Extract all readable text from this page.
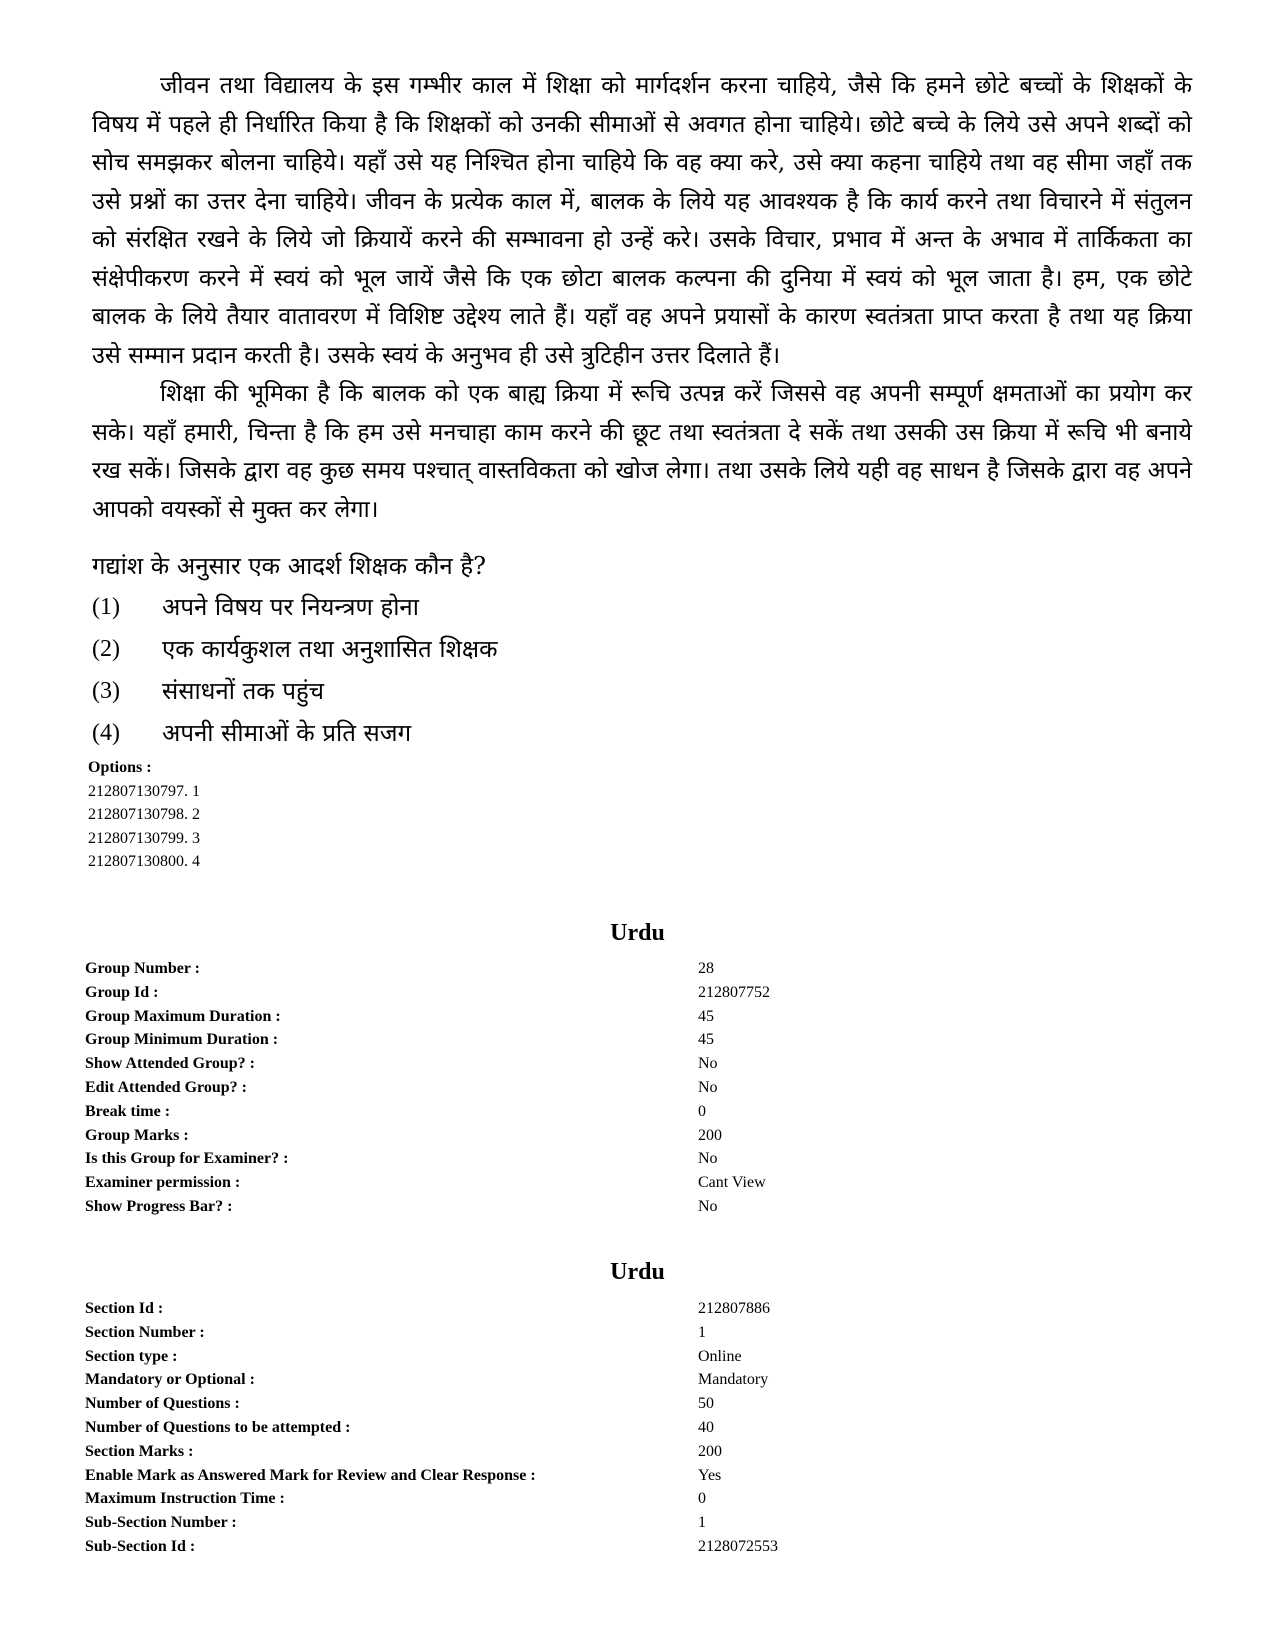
जीवन तथा विद्यालय के इस गम्भीर काल में शिक्षा को मार्गदर्शन करना चाहिये, जैसे कि हमने छोटे बच्चों के शिक्षकों के विषय में पहले ही निर्धारित किया है कि शिक्षकों को उनकी सीमाओं से अवगत होना चाहिये। छोटे बच्चे के लिये उसे अपने शब्दों को सोच समझकर बोलना चाहिये। यहाँ उसे यह निश्चित होना चाहिये कि वह क्या करे, उसे क्या कहना चाहिये तथा वह सीमा जहाँ तक उसे प्रश्नों का उत्तर देना चाहिये। जीवन के प्रत्येक काल में, बालक के लिये यह आवश्यक है कि कार्य करने तथा विचारने में संतुलन को संरक्षित रखने के लिये जो क्रियायें करने की सम्भावना हो उन्हें करे। उसके विचार, प्रभाव में अन्त के अभाव में तार्किकता का संक्षेपीकरण करने में स्वयं को भूल जायें जैसे कि एक छोटा बालक कल्पना की दुनिया में स्वयं को भूल जाता है। हम, एक छोटे बालक के लिये तैयार वातावरण में विशिष्ट उद्देश्य लाते हैं। यहाँ वह अपने प्रयासों के कारण स्वतंत्रता प्राप्त करता है तथा यह क्रिया उसे सम्मान प्रदान करती है। उसके स्वयं के अनुभव ही उसे त्रुटिहीन उत्तर दिलाते हैं।

शिक्षा की भूमिका है कि बालक को एक बाह्य क्रिया में रूचि उत्पन्न करें जिससे वह अपनी सम्पूर्ण क्षमताओं का प्रयोग कर सके। यहाँ हमारी, चिन्ता है कि हम उसे मनचाहा काम करने की छूट तथा स्वतंत्रता दे सकें तथा उसकी उस क्रिया में रूचि भी बनाये रख सकें। जिसके द्वारा वह कुछ समय पश्चात् वास्तविकता को खोज लेगा। तथा उसके लिये यही वह साधन है जिसके द्वारा वह अपने आपको वयस्कों से मुक्त कर लेगा।

गद्यांश के अनुसार एक आदर्श शिक्षक कौन है?

(1)	अपने विषय पर नियन्त्रण होना
(2)	एक कार्यकुशल तथा अनुशासित शिक्षक
(3)	संसाधनों तक पहुंच
(4)	अपनी सीमाओं के प्रति सजग
Options :
212807130797. 1
212807130798. 2
212807130799. 3
212807130800. 4
Urdu
Group Number :	28
Group Id :	212807752
Group Maximum Duration :	45
Group Minimum Duration :	45
Show Attended Group? :	No
Edit Attended Group? :	No
Break time :	0
Group Marks :	200
Is this Group for Examiner? :	No
Examiner permission :	Cant View
Show Progress Bar? :	No
Urdu
Section Id :	212807886
Section Number :	1
Section type :	Online
Mandatory or Optional :	Mandatory
Number of Questions :	50
Number of Questions to be attempted :	40
Section Marks :	200
Enable Mark as Answered Mark for Review and Clear Response :	Yes
Maximum Instruction Time :	0
Sub-Section Number :	1
Sub-Section Id :	2128072553
